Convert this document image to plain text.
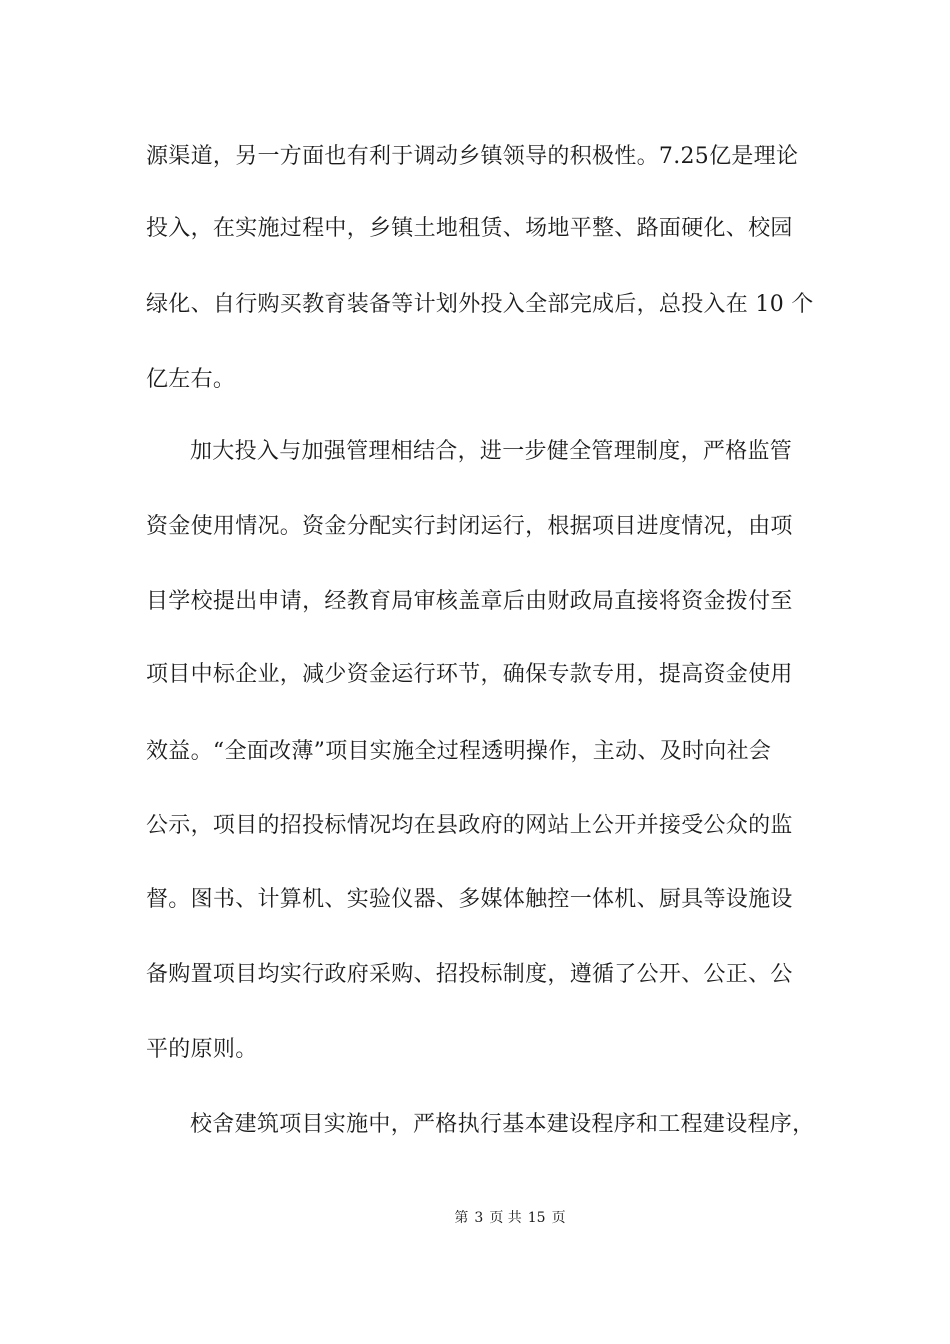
源渠道，另一方面也有利于调动乡镇领导的积极性。7.25亿是理论
投入，在实施过程中，乡镇土地租赁、场地平整、路面硬化、校园
绿化、自行购买教育装备等计划外投入全部完成后，总投入在 10 个
亿左右。
加大投入与加强管理相结合，进一步健全管理制度，严格监管
资金使用情况。资金分配实行封闭运行，根据项目进度情况，由项
目学校提出申请，经教育局审核盖章后由财政局直接将资金拨付至
项目中标企业，减少资金运行环节，确保专款专用，提高资金使用
效益。“全面改薄”项目实施全过程透明操作，主动、及时向社会
公示，项目的招投标情况均在县政府的网站上公开并接受公众的监
督。图书、计算机、实验仪器、多媒体触控一体机、厨具等设施设
备购置项目均实行政府采购、招投标制度，遵循了公开、公正、公
平的原则。
校舍建筑项目实施中，严格执行基本建设程序和工程建设程序，
第 3 页 共 15 页
